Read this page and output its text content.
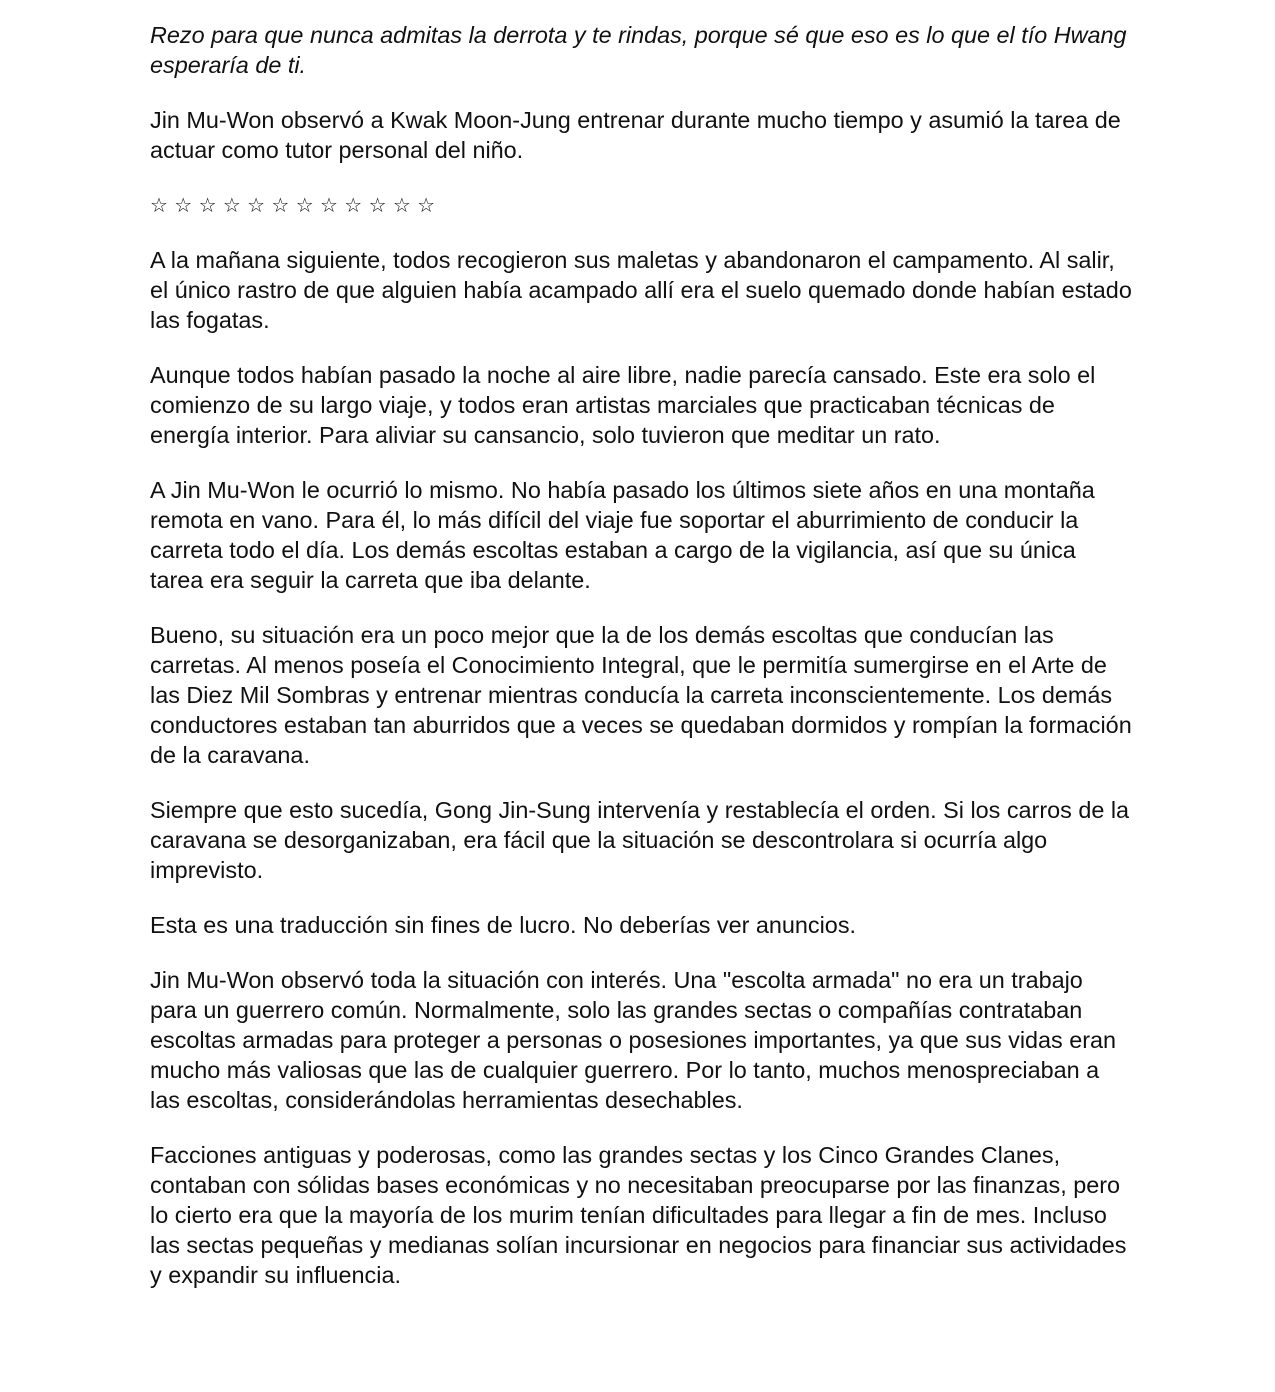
Rezo para que nunca admitas la derrota y te rindas, porque sé que eso es lo que el tío Hwang esperaría de ti.

Jin Mu-Won observó a Kwak Moon-Jung entrenar durante mucho tiempo y asumió la tarea de actuar como tutor personal del niño.

☆ ☆ ☆ ☆ ☆ ☆ ☆ ☆ ☆ ☆ ☆ ☆

A la mañana siguiente, todos recogieron sus maletas y abandonaron el campamento. Al salir, el único rastro de que alguien había acampado allí era el suelo quemado donde habían estado las fogatas.

Aunque todos habían pasado la noche al aire libre, nadie parecía cansado. Este era solo el comienzo de su largo viaje, y todos eran artistas marciales que practicaban técnicas de energía interior. Para aliviar su cansancio, solo tuvieron que meditar un rato.

A Jin Mu-Won le ocurrió lo mismo. No había pasado los últimos siete años en una montaña remota en vano. Para él, lo más difícil del viaje fue soportar el aburrimiento de conducir la carreta todo el día. Los demás escoltas estaban a cargo de la vigilancia, así que su única tarea era seguir la carreta que iba delante.

Bueno, su situación era un poco mejor que la de los demás escoltas que conducían las carretas. Al menos poseía el Conocimiento Integral, que le permitía sumergirse en el Arte de las Diez Mil Sombras y entrenar mientras conducía la carreta inconscientemente. Los demás conductores estaban tan aburridos que a veces se quedaban dormidos y rompían la formación de la caravana.

Siempre que esto sucedía, Gong Jin-Sung intervenía y restablecía el orden. Si los carros de la caravana se desorganizaban, era fácil que la situación se descontrolara si ocurría algo imprevisto.

Esta es una traducción sin fines de lucro. No deberías ver anuncios.

Jin Mu-Won observó toda la situación con interés. Una "escolta armada" no era un trabajo para un guerrero común. Normalmente, solo las grandes sectas o compañías contrataban escoltas armadas para proteger a personas o posesiones importantes, ya que sus vidas eran mucho más valiosas que las de cualquier guerrero. Por lo tanto, muchos menospreciaban a las escoltas, considerándolas herramientas desechables.

Facciones antiguas y poderosas, como las grandes sectas y los Cinco Grandes Clanes, contaban con sólidas bases económicas y no necesitaban preocuparse por las finanzas, pero lo cierto era que la mayoría de los murim tenían dificultades para llegar a fin de mes. Incluso las sectas pequeñas y medianas solían incursionar en negocios para financiar sus actividades y expandir su influencia.
